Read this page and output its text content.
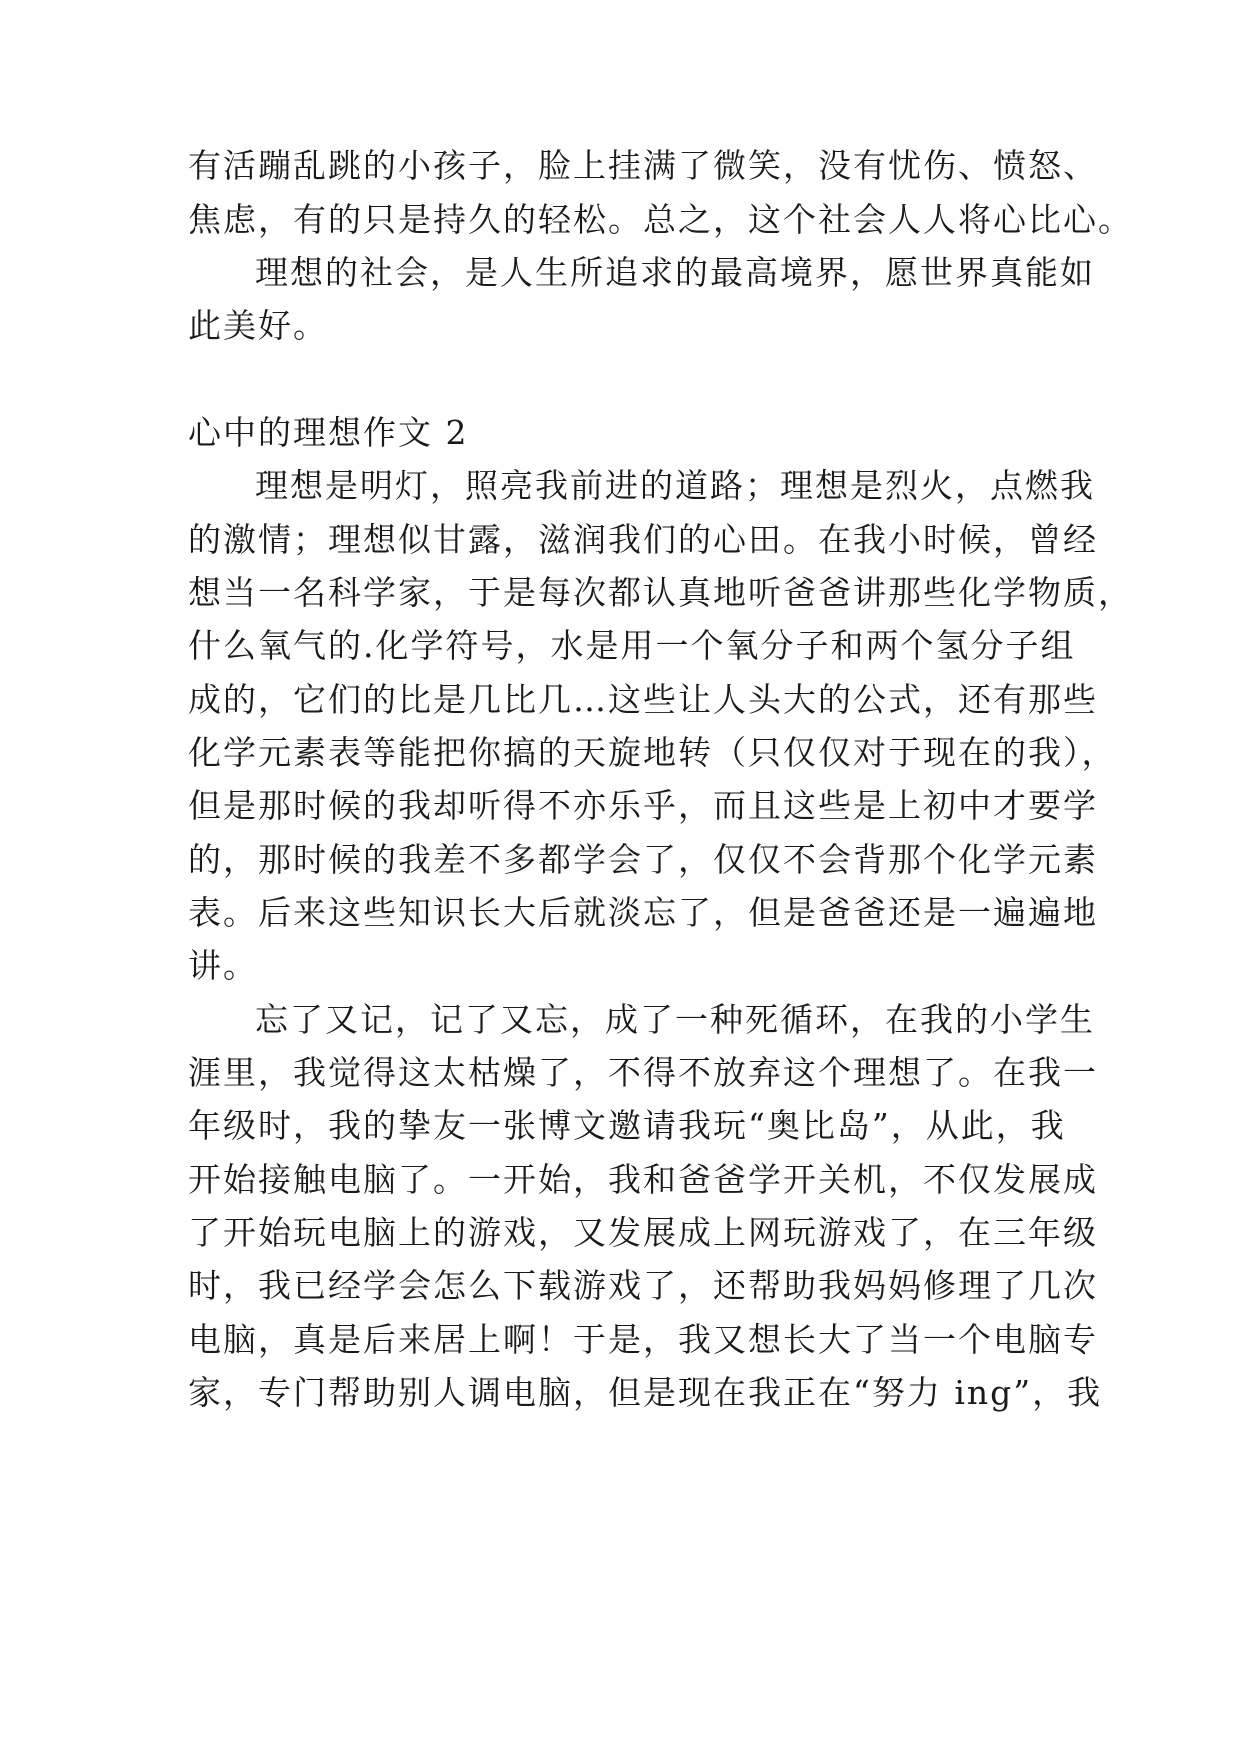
有活蹦乱跳的小孩子，脸上挂满了微笑，没有忧伤、愤怒、

焦虑，有的只是持久的轻松。总之，这个社会人人将心比心。

理想的社会，是人生所追求的最高境界，愿世界真能如

此美好。

心中的理想作文 2

理想是明灯，照亮我前进的道路；理想是烈火，点燃我

的激情；理想似甘露，滋润我们的心田。在我小时候，曾经

想当一名科学家，于是每次都认真地听爸爸讲那些化学物质，

什么氧气的.化学符号，水是用一个氧分子和两个氢分子组

成的，它们的比是几比几…这些让人头大的公式，还有那些

化学元素表等能把你搞的天旋地转（只仅仅对于现在的我），

但是那时候的我却听得不亦乐乎，而且这些是上初中才要学

的，那时候的我差不多都学会了，仅仅不会背那个化学元素

表。后来这些知识长大后就淡忘了，但是爸爸还是一遍遍地

讲。

忘了又记，记了又忘，成了一种死循环，在我的小学生

涯里，我觉得这太枯燥了，不得不放弃这个理想了。在我一

年级时，我的挚友一张博文邀请我玩“奥比岛”，从此，我

开始接触电脑了。一开始，我和爸爸学开关机，不仅发展成

了开始玩电脑上的游戏，又发展成上网玩游戏了，在三年级

时，我已经学会怎么下载游戏了，还帮助我妈妈修理了几次

电脑，真是后来居上啊！于是，我又想长大了当一个电脑专

家，专门帮助别人调电脑，但是现在我正在“努力 ing”，我
